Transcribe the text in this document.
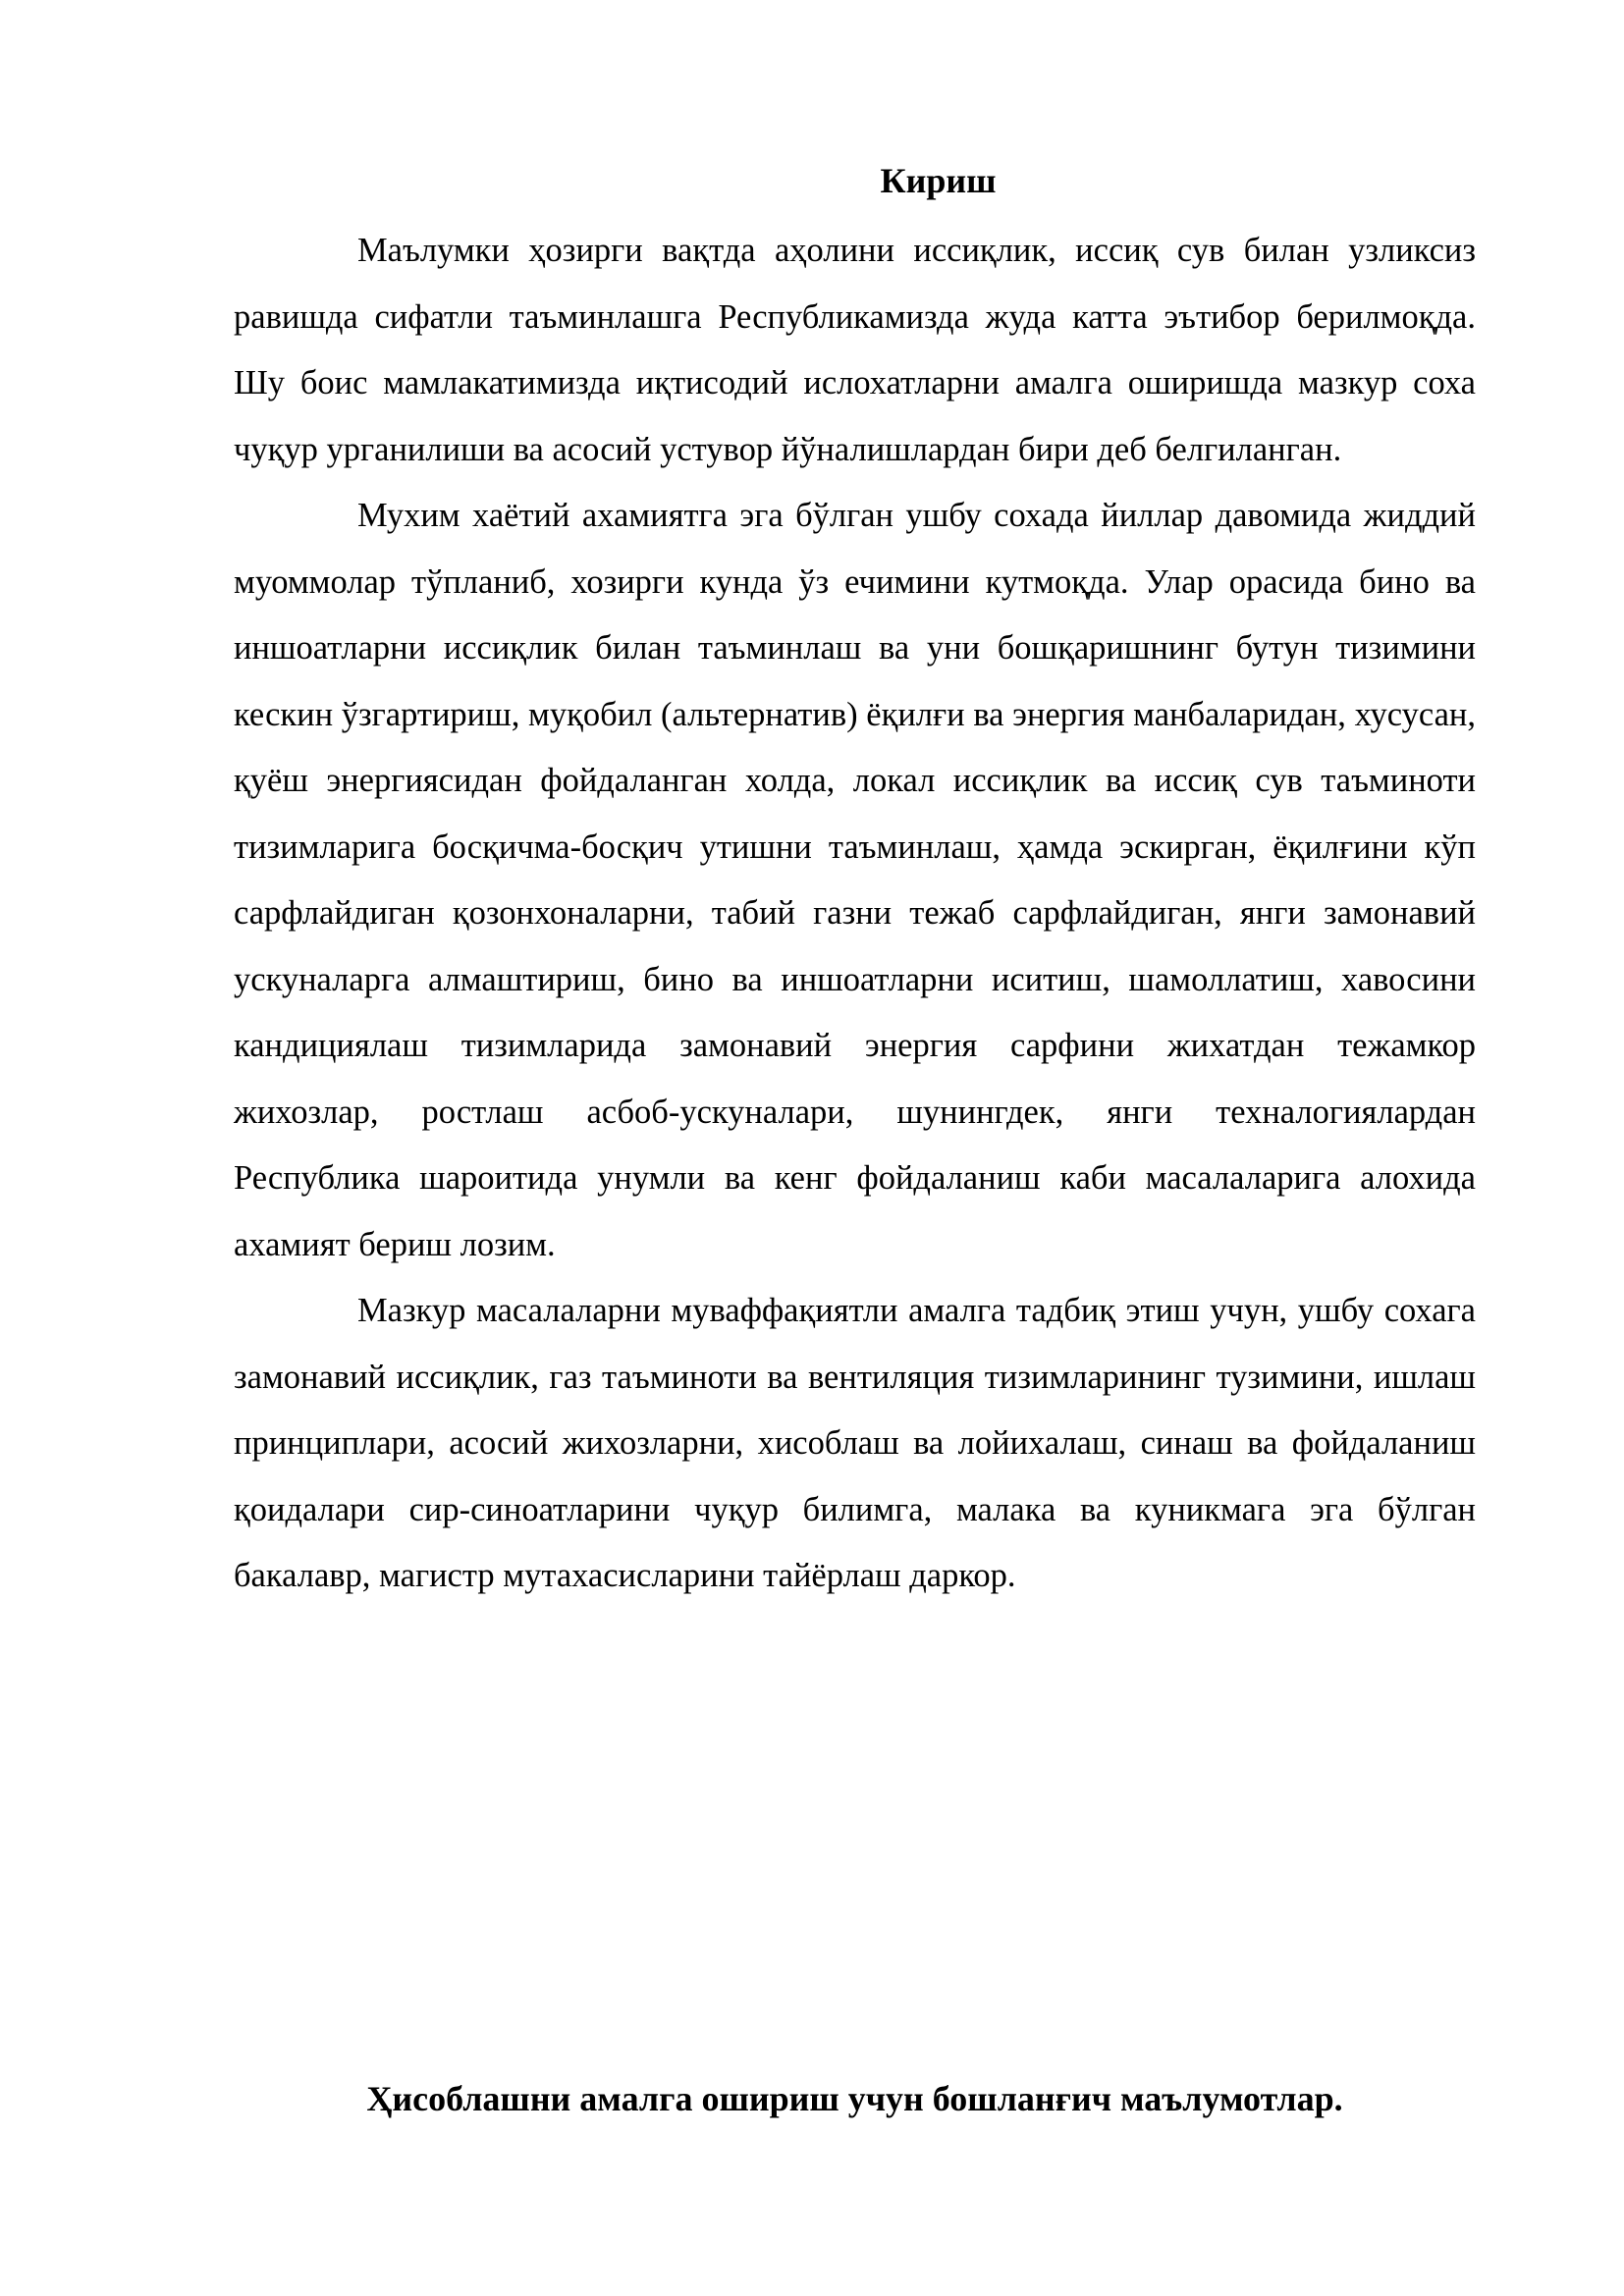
Кириш

Маълумки ҳозирги вақтда аҳолини иссиқлик, иссиқ сув билан узликсиз равишда сифатли таъминлашга Республикамизда жуда катта эътибор берилмоқда. Шу боис мамлакатимизда иқтисодий ислохатларни амалга оширишда мазкур соха чуқур урганилиши ва асосий устувор йўналишлардан бири деб белгиланган.

Мухим хаётий ахамиятга эга бўлган ушбу сохада йиллар давомида жиддий муоммолар тўпланиб, хозирги кунда ўз ечимини кутмоқда. Улар орасида бино ва иншоатларни иссиқлик билан таъминлаш ва уни бошқаришнинг бутун тизимини кескин ўзгартириш, муқобил (альтернатив) ёқилғи ва энергия манбаларидан, хусусан, қуёш энергиясидан фойдаланган холда, локал иссиқлик ва иссиқ сув таъминоти тизимларига босқичма-босқич утишни таъминлаш, ҳамда эскирган, ёқилғини кўп сарфлайдиган қозонхоналарни, табий газни тежаб сарфлайдиган, янги замонавий ускуналарга алмаштириш, бино ва иншоатларни иситиш, шамоллатиш, хавосини кандициялаш тизимларида замонавий энергия сарфини жихатдан тежамкор жихозлар, ростлаш асбоб-ускуналари, шунингдек, янги техналогиялардан Республика шароитида унумли ва кенг фойдаланиш каби масалаларига алохида ахамият бериш лозим.

Мазкур масалаларни муваффақиятли амалга тадбиқ этиш учун, ушбу сохага замонавий иссиқлик, газ таъминоти ва вентиляция тизимларининг тузимини, ишлаш принциплари, асосий жихозларни, хисоблаш ва лойихалаш, синаш ва фойдаланиш қоидалари сир-синоатларини чуқур билимга, малака ва куникмага эга бўлган бакалавр, магистр мутахасисларини тайёрлаш даркор.

Ҳисоблашни амалга ошириш учун бошланғич маълумотлар.
